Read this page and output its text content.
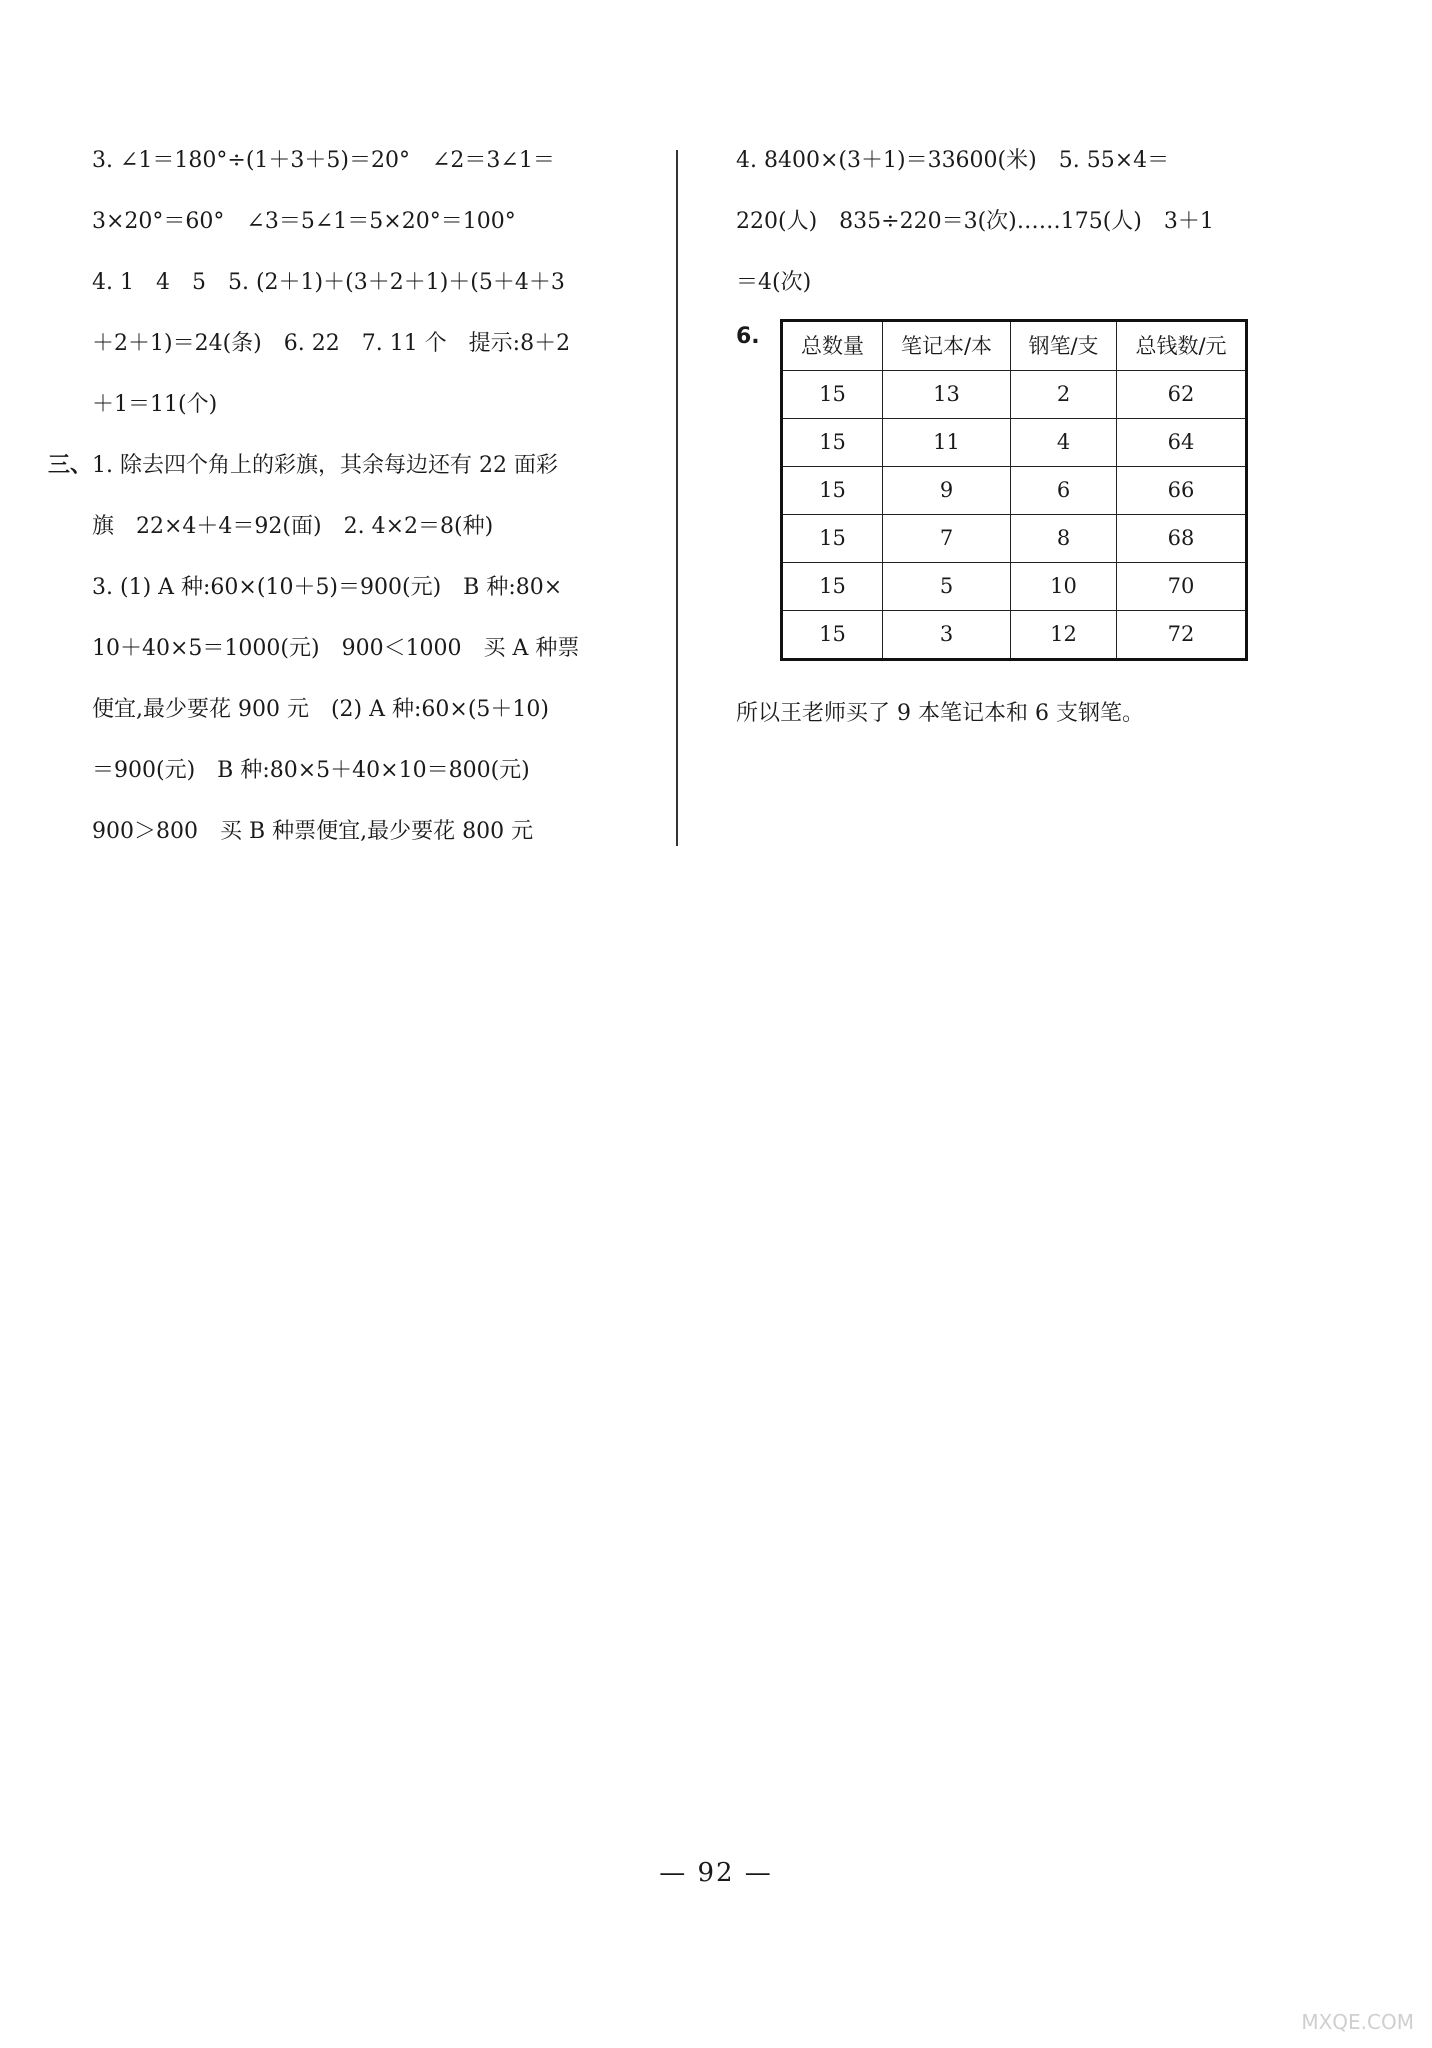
3. ∠1＝180°÷(1＋3＋5)＝20°　∠2＝3∠1＝
3×20°＝60°　∠3＝5∠1＝5×20°＝100°
4. 1　4　5　5. (2＋1)＋(3＋2＋1)＋(5＋4＋3
＋2＋1)＝24(条)　6. 22　7. 11 个　提示:8＋2
＋1＝11(个)
三、1. 除去四个角上的彩旗，其余每边还有 22 面彩
旗　22×4＋4＝92(面)　2. 4×2＝8(种)
3. (1) A 种:60×(10＋5)＝900(元)　B 种:80×
10＋40×5＝1000(元)　900＜1000　买 A 种票
便宜,最少要花 900 元　(2) A 种:60×(5＋10)
＝900(元)　B 种:80×5＋40×10＝800(元)
900＞800　买 B 种票便宜,最少要花 800 元
4. 8400×(3＋1)＝33600(米)　5. 55×4＝
220(人)　835÷220＝3(次)……175(人)　3＋1
＝4(次)
6. 总数量	笔记本/本	钢笔/支	总钱数/元
15	13	2	62
15	11	4	64
15	9	6	66
15	7	8	68
15	5	10	70
15	3	12	72
所以王老师买了 9 本笔记本和 6 支钢笔。
— 92 —
MXQE.COM
